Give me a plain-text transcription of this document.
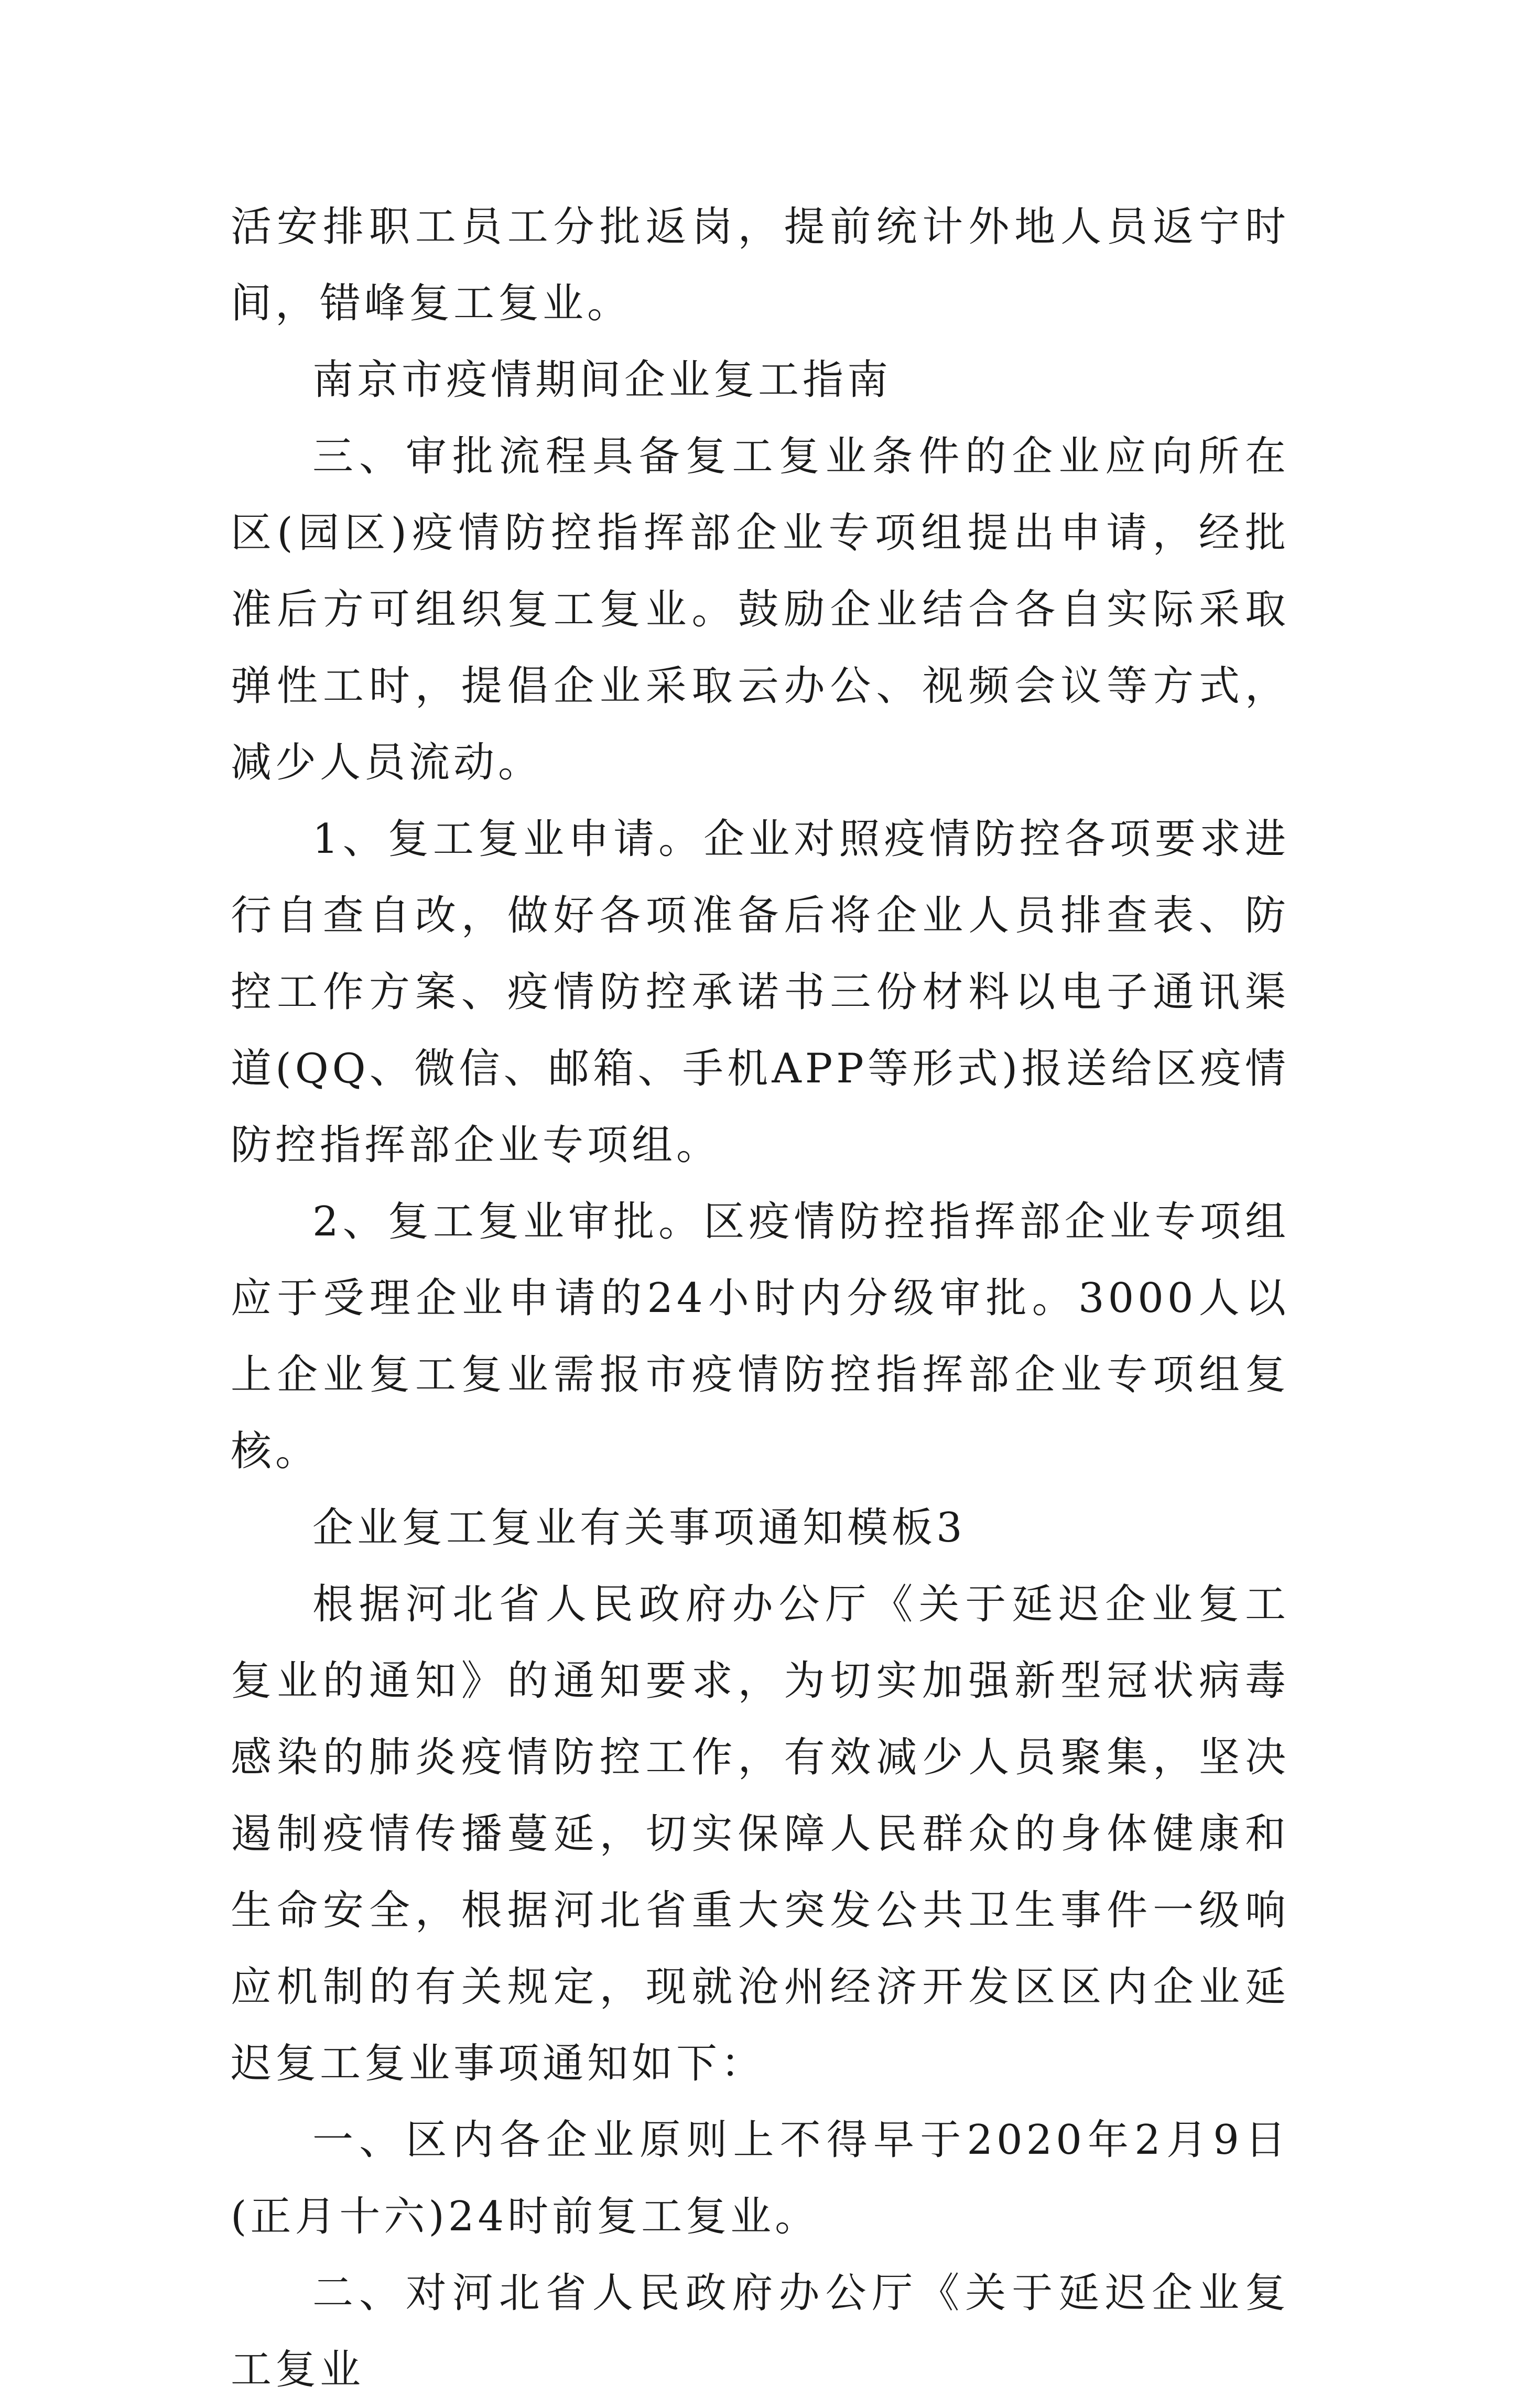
活安排职工员工分批返岗，提前统计外地人员返宁时间，错峰复工复业。

南京市疫情期间企业复工指南

三、审批流程具备复工复业条件的企业应向所在区(园区)疫情防控指挥部企业专项组提出申请，经批准后方可组织复工复业。鼓励企业结合各自实际采取弹性工时，提倡企业采取云办公、视频会议等方式，减少人员流动。

1、复工复业申请。企业对照疫情防控各项要求进行自查自改，做好各项准备后将企业人员排查表、防控工作方案、疫情防控承诺书三份材料以电子通讯渠道(QQ、微信、邮箱、手机APP等形式)报送给区疫情防控指挥部企业专项组。

2、复工复业审批。区疫情防控指挥部企业专项组应于受理企业申请的24小时内分级审批。3000人以上企业复工复业需报市疫情防控指挥部企业专项组复核。

企业复工复业有关事项通知模板3

根据河北省人民政府办公厅《关于延迟企业复工复业的通知》的通知要求，为切实加强新型冠状病毒感染的肺炎疫情防控工作，有效减少人员聚集，坚决遏制疫情传播蔓延，切实保障人民群众的身体健康和生命安全，根据河北省重大突发公共卫生事件一级响应机制的有关规定，现就沧州经济开发区区内企业延迟复工复业事项通知如下：

一、区内各企业原则上不得早于2020年2月9日(正月十六)24时前复工复业。

二、对河北省人民政府办公厅《关于延迟企业复工复业
